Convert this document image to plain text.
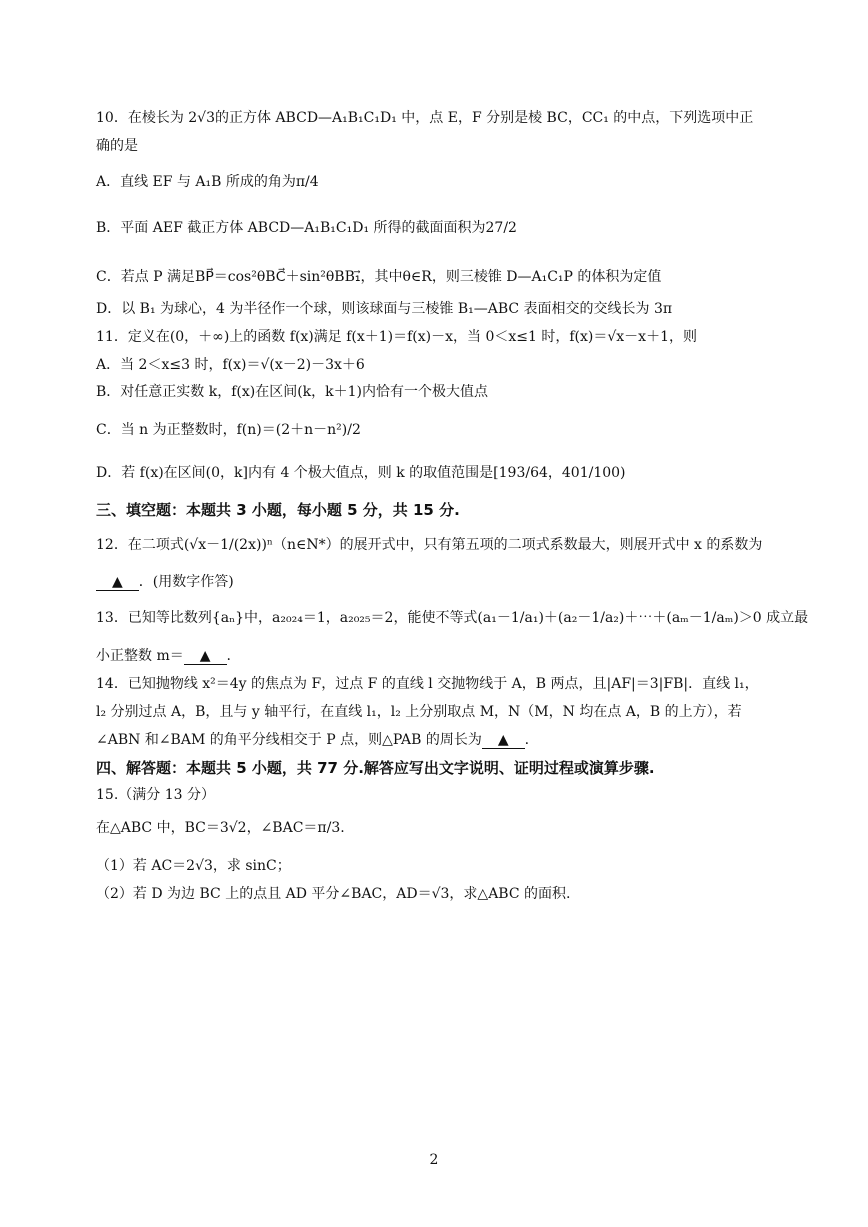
10．在棱长为 2√3的正方体 ABCD—A₁B₁C₁D₁ 中，点 E，F 分别是棱 BC，CC₁ 的中点，下列选项中正
确的是
A．直线 EF 与 A₁B 所成的角为π/4
B．平面 AEF 截正方体 ABCD—A₁B₁C₁D₁ 所得的截面面积为27/2
C．若点 P 满足BP⃗＝cos²θBC⃗＋sin²θBB₁⃗，其中θ∈R，则三棱锥 D—A₁C₁P 的体积为定值
D．以 B₁ 为球心，4 为半径作一个球，则该球面与三棱锥 B₁—ABC 表面相交的交线长为 3π
11．定义在(0，＋∞)上的函数 f(x)满足 f(x＋1)＝f(x)－x，当 0＜x≤1 时，f(x)＝√x－x＋1，则
A．当 2＜x≤3 时，f(x)＝√(x－2)－3x＋6
B．对任意正实数 k，f(x)在区间(k，k＋1)内恰有一个极大值点
C．当 n 为正整数时，f(n)＝(2＋n－n²)/2
D．若 f(x)在区间(0，k]内有 4 个极大值点，则 k 的取值范围是[193/64，401/100)
三、填空题：本题共 3 小题，每小题 5 分，共 15 分.
12．在二项式(√x－1/(2x))ⁿ（n∈N*）的展开式中，只有第五项的二项式系数最大，则展开式中 x 的系数为
▲ ．(用数字作答)
13．已知等比数列{aₙ}中，a₂₀₂₄＝1，a₂₀₂₅＝2，能使不等式(a₁－1/a₁)＋(a₂－1/a₂)＋⋯＋(aₘ－1/aₘ)＞0 成立最
小正整数 m＝ ▲ .
14．已知抛物线 x²＝4y 的焦点为 F，过点 F 的直线 l 交抛物线于 A，B 两点，且|AF|＝3|FB|．直线 l₁，
l₂ 分别过点 A，B，且与 y 轴平行，在直线 l₁，l₂ 上分别取点 M，N（M，N 均在点 A，B 的上方），若
∠ABN 和∠BAM 的角平分线相交于 P 点，则△PAB 的周长为 ▲ .
四、解答题：本题共 5 小题，共 77 分.解答应写出文字说明、证明过程或演算步骤.
15.（满分 13 分）
在△ABC 中，BC＝3√2，∠BAC＝π/3.
（1）若 AC＝2√3，求 sinC；
（2）若 D 为边 BC 上的点且 AD 平分∠BAC，AD＝√3，求△ABC 的面积.
2
